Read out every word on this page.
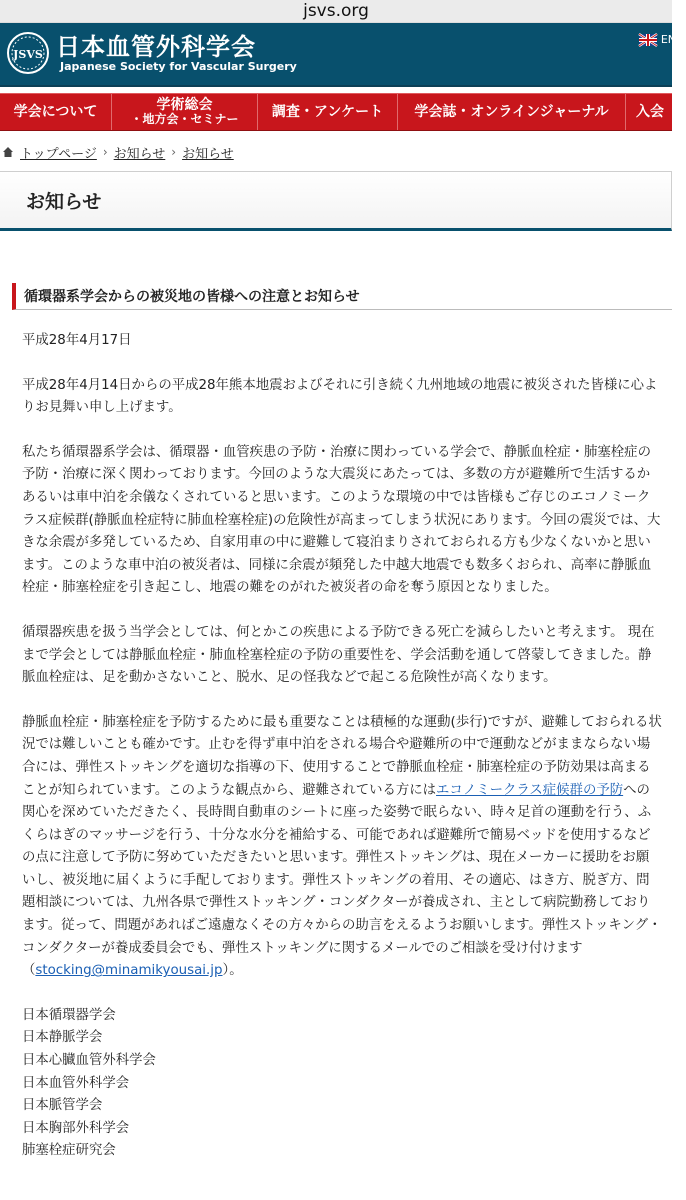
jsvs.org
JSVS 日本血管外科学会
Japanese Society for Vascular Surgery
EN
学会について	学術総会
・地方会・セミナー 調査・アンケート 学会誌・オンラインジャーナル 入会
トップページ › お知らせ › お知らせ
お知らせ
循環器系学会からの被災地の皆様への注意とお知らせ

平成28年4月17日

平成28年4月14日からの平成28年熊本地震およびそれに引き続く九州地域の地震に被災された皆様に心よりお見舞い申し上げます。

私たち循環器系学会は、循環器・血管疾患の予防・治療に関わっている学会で、静脈血栓症・肺塞栓症の予防・治療に深く関わっております。今回のような大震災にあたっては、多数の方が避難所で生活するかあるいは車中泊を余儀なくされていると思います。このような環境の中では皆様もご存じのエコノミークラス症候群(静脈血栓症特に肺血栓塞栓症)の危険性が高まってしまう状況にあります。今回の震災では、大きな余震が多発しているため、自家用車の中に避難して寝泊まりされておられる方も少なくないかと思います。このような車中泊の被災者は、同様に余震が頻発した中越大地震でも数多くおられ、高率に静脈血栓症・肺塞栓症を引き起こし、地震の難をのがれた被災者の命を奪う原因となりました。

循環器疾患を扱う当学会としては、何とかこの疾患による予防できる死亡を減らしたいと考えます。 現在まで学会としては静脈血栓症・肺血栓塞栓症の予防の重要性を、学会活動を通して啓蒙してきました。静脈血栓症は、足を動かさないこと、脱水、足の怪我などで起こる危険性が高くなります。

静脈血栓症・肺塞栓症を予防するために最も重要なことは積極的な運動(歩行)ですが、避難しておられる状況では難しいことも確かです。止むを得ず車中泊をされる場合や避難所の中で運動などがままならない場合には、弾性ストッキングを適切な指導の下、使用することで静脈血栓症・肺塞栓症の予防効果は高まることが知られています。このような観点から、避難されている方にはエコノミークラス症候群の予防への関心を深めていただきたく、長時間自動車のシートに座った姿勢で眠らない、時々足首の運動を行う、ふくらはぎのマッサージを行う、十分な水分を補給する、可能であれば避難所で簡易ベッドを使用するなどの点に注意して予防に努めていただきたいと思います。弾性ストッキングは、現在メーカーに援助をお願いし、被災地に届くように手配しております。弾性ストッキングの着用、その適応、はき方、脱ぎ方、問題相談については、九州各県で弾性ストッキング・コンダクターが養成され、主として病院勤務しております。従って、問題があればご遠慮なくその方々からの助言をえるようお願いします。弾性ストッキング・コンダクターが養成委員会でも、弾性ストッキングに関するメールでのご相談を受け付けます
（stocking@minamikyousai.jp）。

日本循環器学会
日本静脈学会
日本心臓血管外科学会
日本血管外科学会
日本脈管学会
日本胸部外科学会
肺塞栓症研究会
